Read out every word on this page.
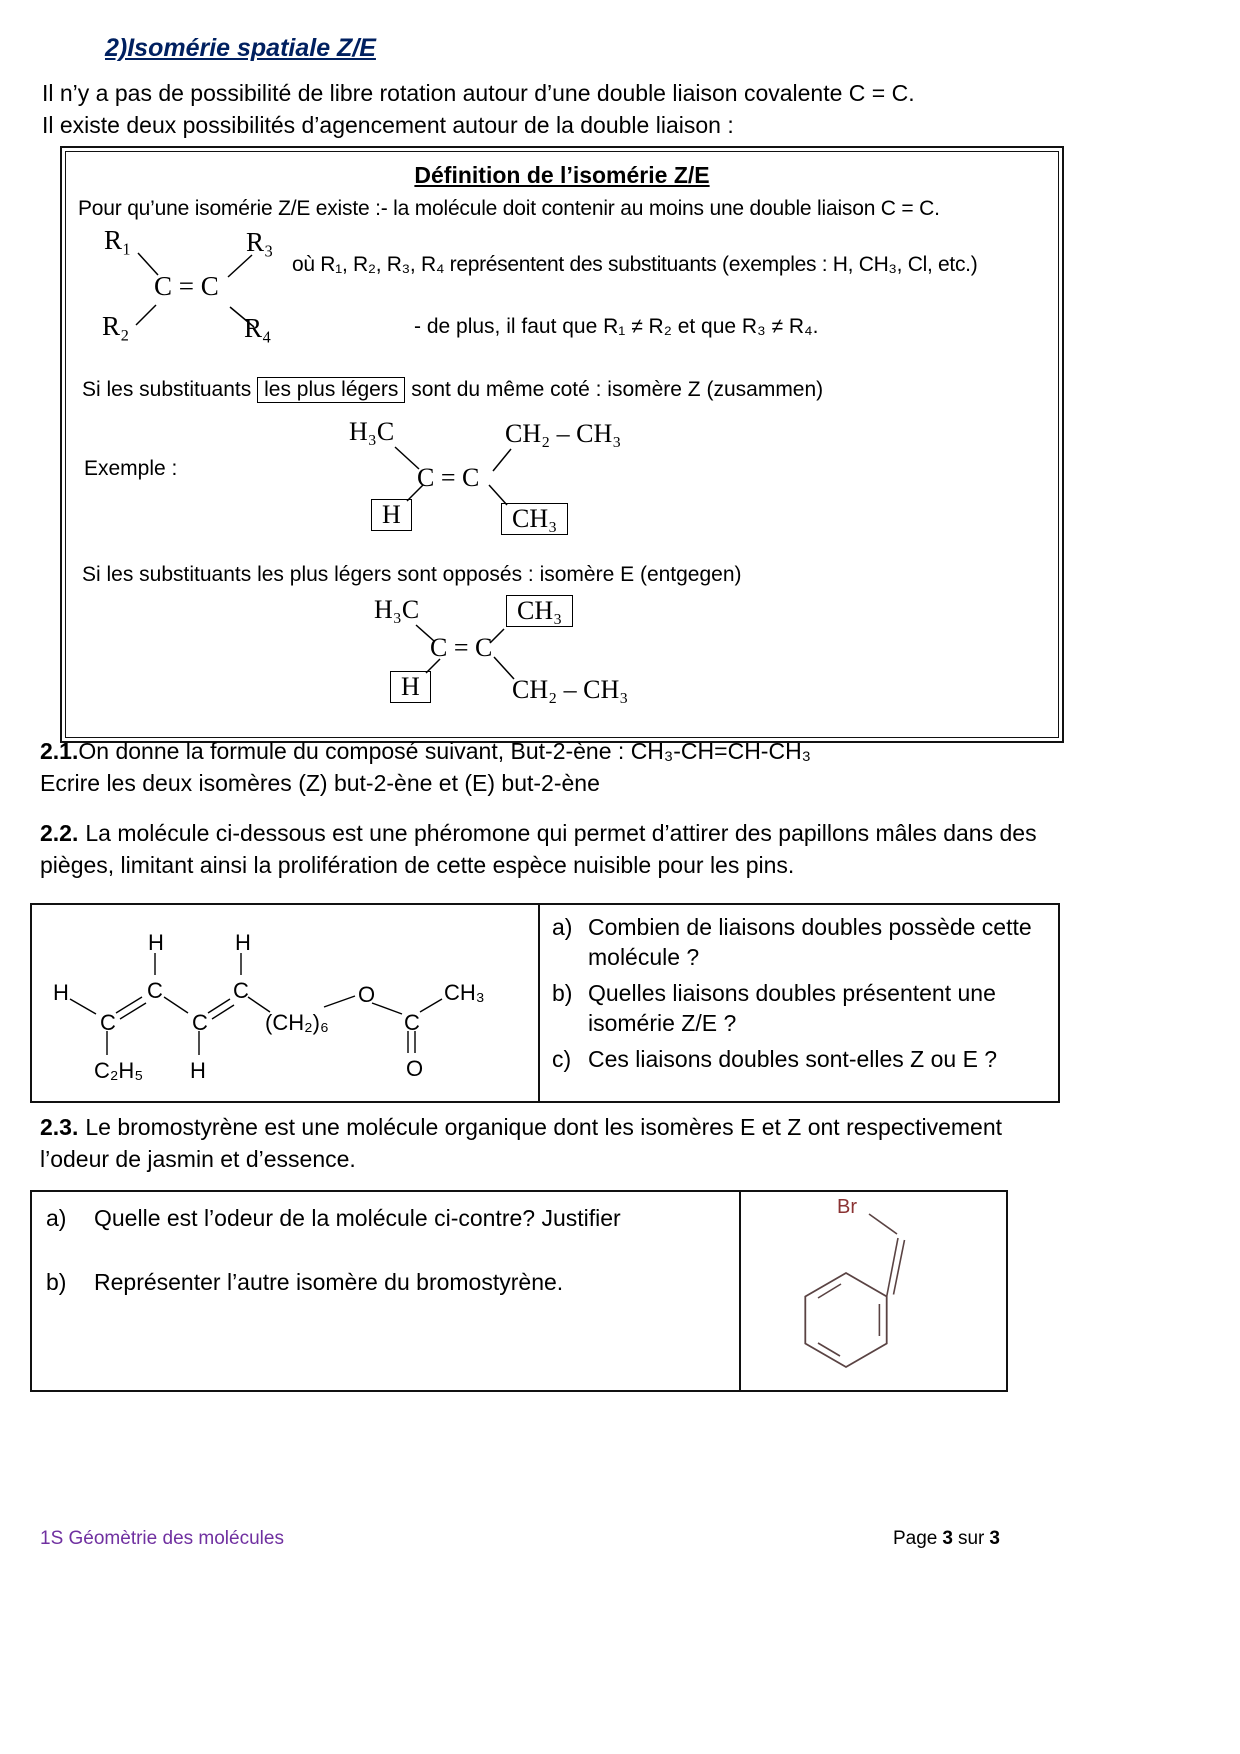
2)Isomérie spatiale Z/E
Il n’y a pas de possibilité de libre rotation autour d’une double liaison covalente C = C.
Il existe deux possibilités d’agencement autour de la double liaison :
Définition de l’isomérie Z/E
Pour qu’une isomérie Z/E existe :- la molécule doit contenir au moins une double liaison C = C.
R₁	R₃
C = C
R₂	R₄
où R₁, R₂, R₃, R₄ représentent des substituants (exemples : H, CH₃, Cl, etc.)
- de plus, il faut que R₁ ≠ R₂ et que R₃ ≠ R₄.
Si les substituants les plus légers sont du même coté : isomère Z (zusammen)
Exemple :
H₃C	CH₂ – CH₃
C = C
H	CH₃
Si les substituants les plus légers sont opposés : isomère E (entgegen)
H₃C	CH₃
C = C
H	CH₂ – CH₃
2.1.On donne la formule du composé suivant, But-2-ène : CH₃-CH=CH-CH₃
Ecrire les deux isomères (Z) but-2-ène et (E) but-2-ène
2.2. La molécule ci-dessous est une phéromone qui permet d’attirer des papillons mâles dans des pièges, limitant ainsi la prolifération de cette espèce nuisible pour les pins.
H	H
H	C	C
C	C	(CH₂)₆
O
C
CH₃
C₂H₅ H	O
a) Combien de liaisons doubles possède cette molécule ?
b) Quelles liaisons doubles présentent une isomérie Z/E ?
c) Ces liaisons doubles sont-elles Z ou E ?
2.3. Le bromostyrène est une molécule organique dont les isomères E et Z ont respectivement l’odeur de jasmin et d’essence.
a)	Quelle est l’odeur de la molécule ci-contre? Justifier
b)	Représenter l’autre isomère du bromostyrène.
Br
1S Géomètrie des molécules	Page 3 sur 3
